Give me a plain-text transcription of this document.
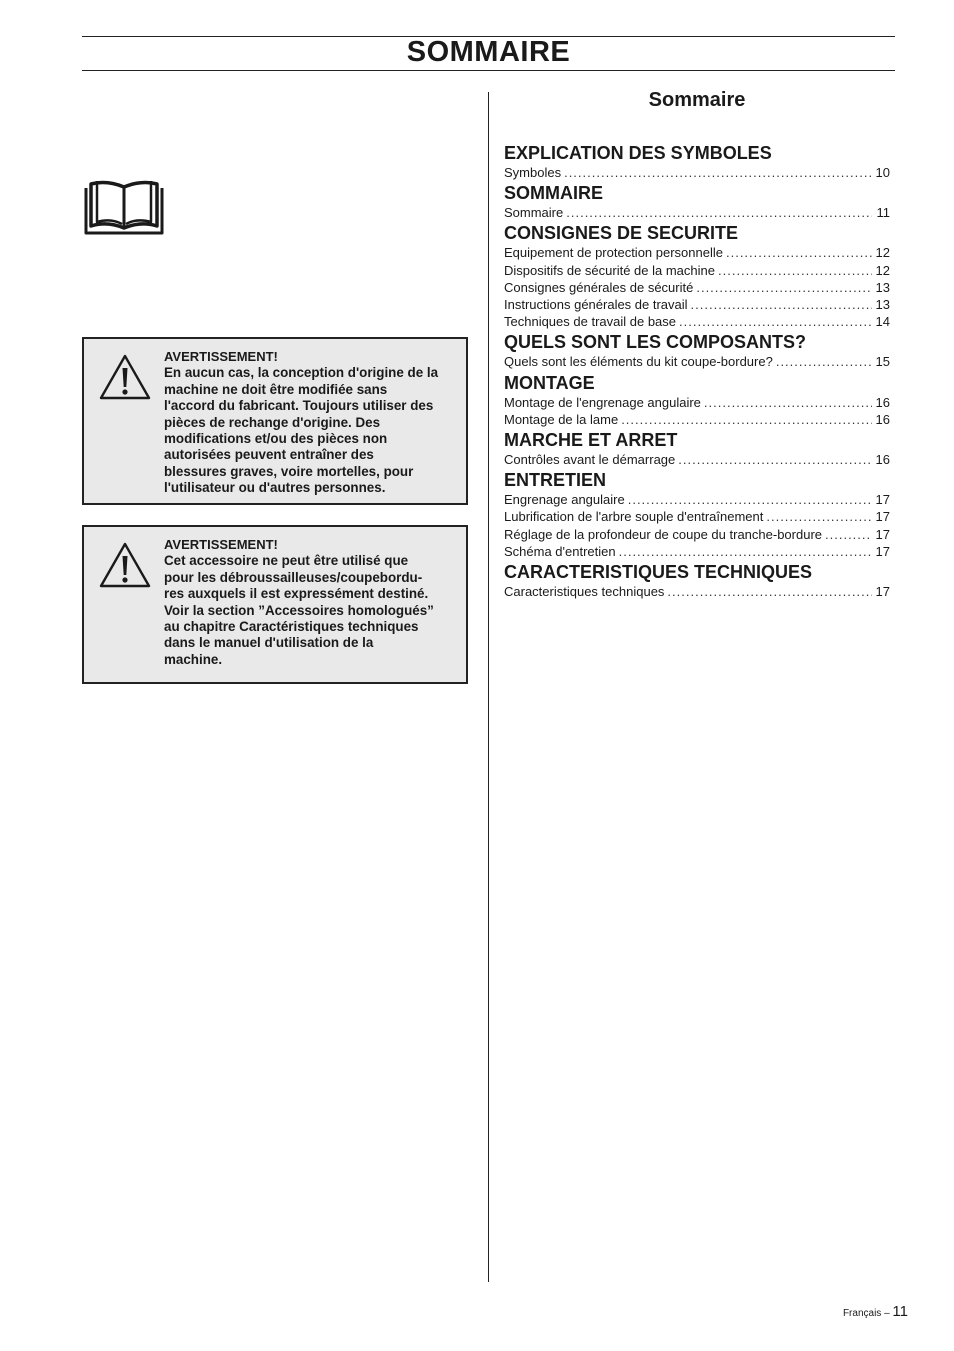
SOMMAIRE
AVERTISSEMENT!
En aucun cas, la conception d'origine de la
machine ne doit être modifiée sans
l'accord du fabricant. Toujours utiliser des
pièces de rechange d'origine. Des
modifications et/ou des pièces non
autorisées peuvent entraîner des
blessures graves, voire mortelles, pour
l'utilisateur ou d'autres personnes.
AVERTISSEMENT!
Cet accessoire ne peut être utilisé que
pour les débroussailleuses/coupebordu-
res auxquels il est expressément destiné.
Voir la section ”Accessoires homologués”
au chapitre Caractéristiques techniques
dans le manuel d'utilisation de la
machine.
Sommaire
EXPLICATION DES SYMBOLES
Symboles .....	10
SOMMAIRE
Sommaire .....	11
CONSIGNES DE SECURITE
Equipement de protection personnelle .....	12
Dispositifs de sécurité de la machine .....	12
Consignes générales de sécurité .....	13
Instructions générales de travail .....	13
Techniques de travail de base .....	14
QUELS SONT LES COMPOSANTS?
Quels sont les éléments du kit coupe-bordure? .....	15
MONTAGE
Montage de l'engrenage angulaire .....	16
Montage de la lame .....	16
MARCHE ET ARRET
Contrôles avant le démarrage .....	16
ENTRETIEN
Engrenage angulaire .....	17
Lubrification de l'arbre souple d'entraînement .....	17
Réglage de la profondeur de coupe du tranche-bordure .....	17
Schéma d'entretien .....	17
CARACTERISTIQUES TECHNIQUES
Caracteristiques techniques .....	17
Français – 11
